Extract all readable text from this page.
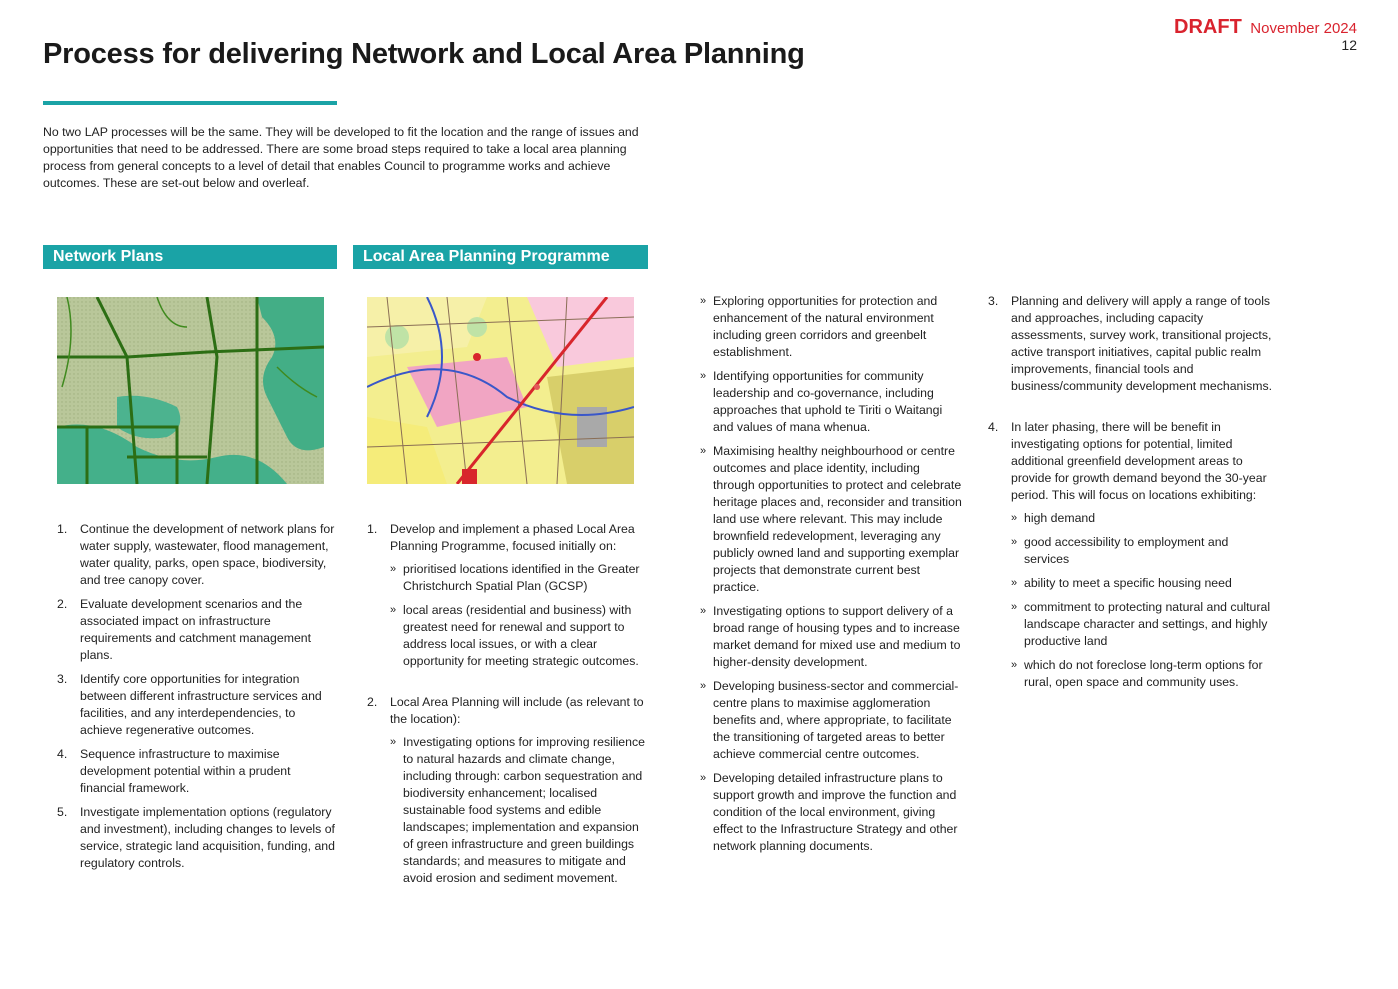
DRAFT November 2024
12
Process for delivering Network and Local Area Planning

No two LAP processes will be the same. They will be developed to fit the location and the range of issues and opportunities that need to be addressed. There are some broad steps required to take a local area planning process from general concepts to a level of detail that enables Council to programme works and achieve outcomes. These are set-out below and overleaf.

Network Plans	Local Area Planning Programme
1. Continue the development of network plans for water supply, wastewater, flood management, water quality, parks, open space, biodiversity, and tree canopy cover.
2. Evaluate development scenarios and the associated impact on infrastructure requirements and catchment management plans.
3. Identify core opportunities for integration between different infrastructure services and facilities, and any interdependencies, to achieve regenerative outcomes.
4. Sequence infrastructure to maximise development potential within a prudent financial framework.
5. Investigate implementation options (regulatory and investment), including changes to levels of service, strategic land acquisition, funding, and regulatory controls.
1. Develop and implement a phased Local Area Planning Programme, focused initially on:
» prioritised locations identified in the Greater Christchurch Spatial Plan (GCSP)
» local areas (residential and business) with greatest need for renewal and support to address local issues, or with a clear opportunity for meeting strategic outcomes.
2. Local Area Planning will include (as relevant to the location):
» Investigating options for improving resilience to natural hazards and climate change, including through: carbon sequestration and biodiversity enhancement; localised sustainable food systems and edible landscapes; implementation and expansion of green infrastructure and green buildings standards; and measures to mitigate and avoid erosion and sediment movement.
» Exploring opportunities for protection and enhancement of the natural environment including green corridors and greenbelt establishment.
» Identifying opportunities for community leadership and co-governance, including approaches that uphold te Tiriti o Waitangi and values of mana whenua.
» Maximising healthy neighbourhood or centre outcomes and place identity, including through opportunities to protect and celebrate heritage places and, reconsider and transition land use where relevant. This may include brownfield redevelopment, leveraging any publicly owned land and supporting exemplar projects that demonstrate current best practice.
» Investigating options to support delivery of a broad range of housing types and to increase market demand for mixed use and medium to higher-density development.
» Developing business-sector and commercial-centre plans to maximise agglomeration benefits and, where appropriate, to facilitate the transitioning of targeted areas to better achieve commercial centre outcomes.
» Developing detailed infrastructure plans to support growth and improve the function and condition of the local environment, giving effect to the Infrastructure Strategy and other network planning documents.
3. Planning and delivery will apply a range of tools and approaches, including capacity assessments, survey work, transitional projects, active transport initiatives, capital public realm improvements, financial tools and business/community development mechanisms.
4. In later phasing, there will be benefit in investigating options for potential, limited additional greenfield development areas to provide for growth demand beyond the 30-year period. This will focus on locations exhibiting:
» high demand
» good accessibility to employment and services
» ability to meet a specific housing need
» commitment to protecting natural and cultural landscape character and settings, and highly productive land
» which do not foreclose long-term options for rural, open space and community uses.
